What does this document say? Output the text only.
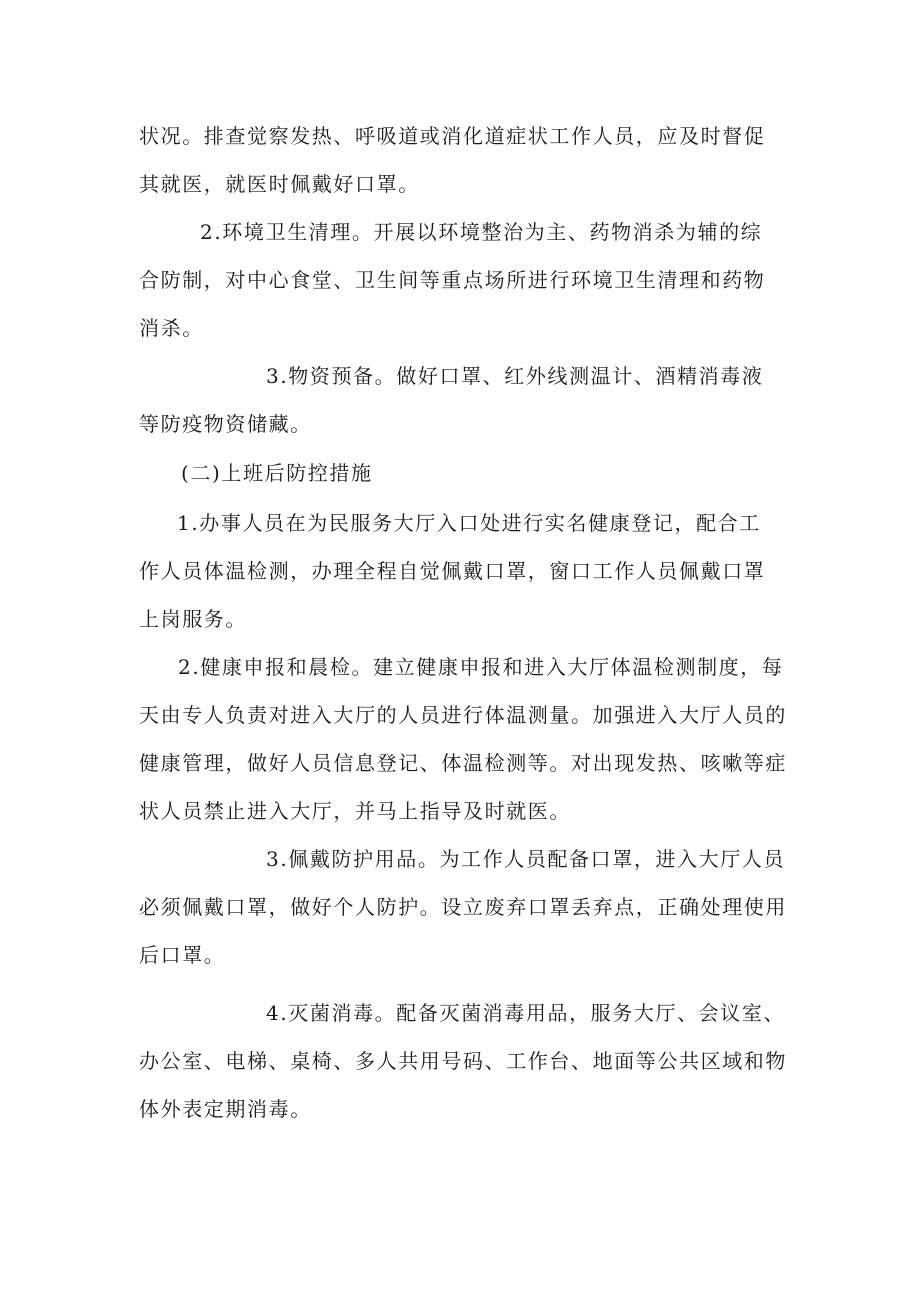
状况。排查觉察发热、呼吸道或消化道症状工作人员，应及时督促
其就医，就医时佩戴好口罩。
2.环境卫生清理。开展以环境整治为主、药物消杀为辅的综
合防制，对中心食堂、卫生间等重点场所进行环境卫生清理和药物
消杀。
3.物资预备。做好口罩、红外线测温计、酒精消毒液
等防疫物资储藏。
(二)上班后防控措施
1.办事人员在为民服务大厅入口处进行实名健康登记，配合工
作人员体温检测，办理全程自觉佩戴口罩，窗口工作人员佩戴口罩
上岗服务。
2.健康申报和晨检。建立健康申报和进入大厅体温检测制度，每
天由专人负责对进入大厅的人员进行体温测量。加强进入大厅人员的
健康管理，做好人员信息登记、体温检测等。对出现发热、咳嗽等症
状人员禁止进入大厅，并马上指导及时就医。
3.佩戴防护用品。为工作人员配备口罩，进入大厅人员
必须佩戴口罩，做好个人防护。设立废弃口罩丢弃点，正确处理使用
后口罩。
4.灭菌消毒。配备灭菌消毒用品，服务大厅、会议室、
办公室、电梯、桌椅、多人共用号码、工作台、地面等公共区域和物
体外表定期消毒。
